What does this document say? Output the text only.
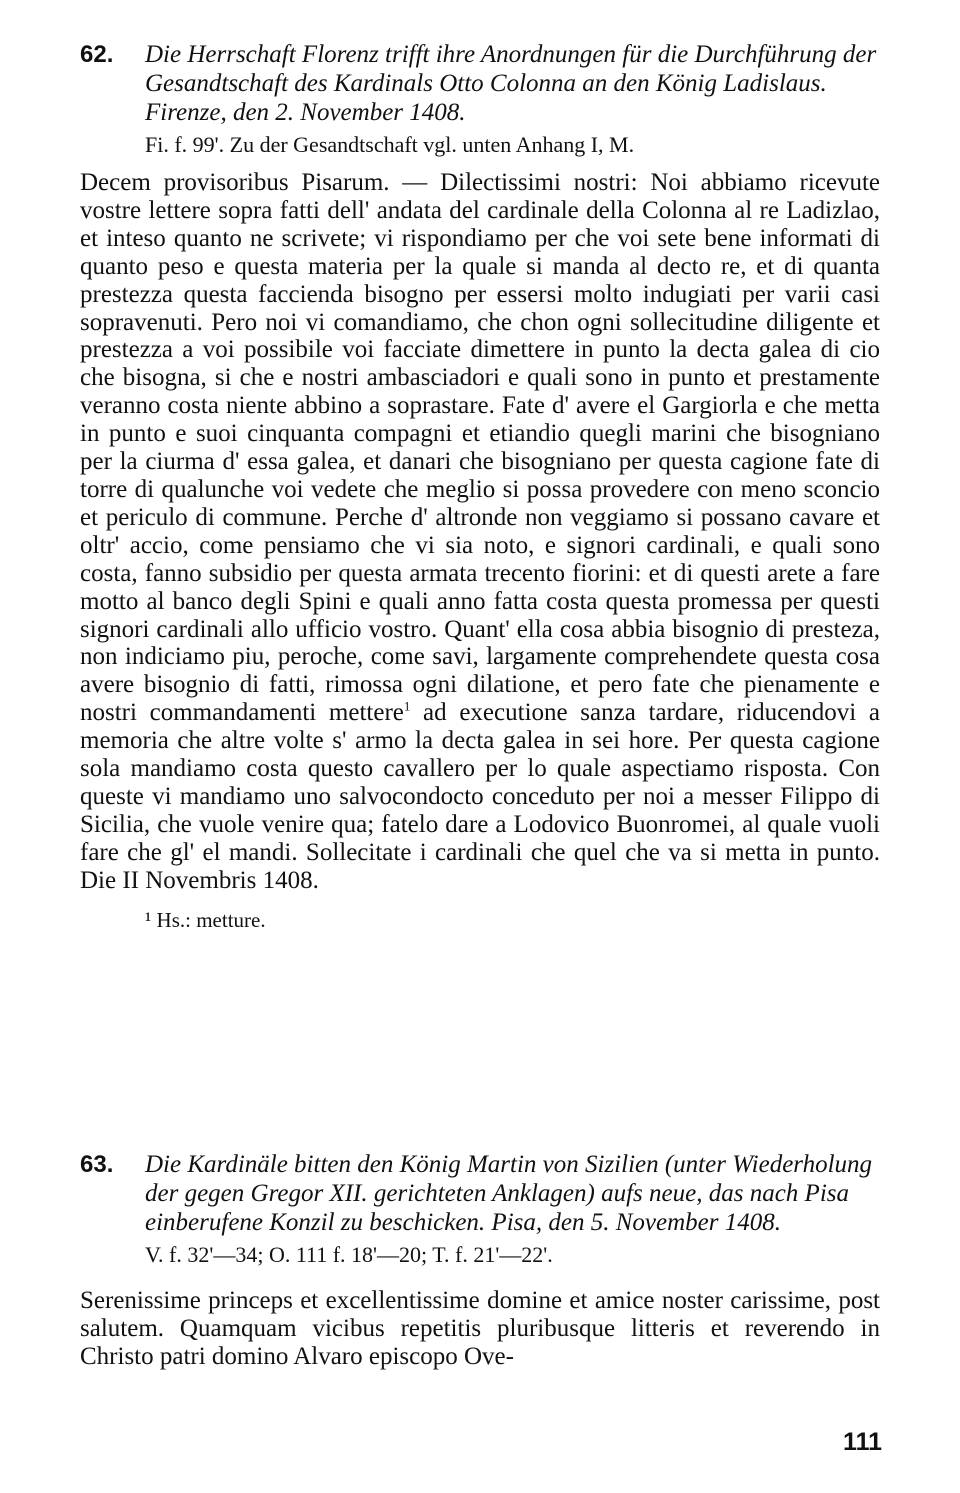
62. Die Herrschaft Florenz trifft ihre Anordnungen für die Durchführung der Gesandtschaft des Kardinals Otto Colonna an den König Ladislaus. Firenze, den 2. November 1408.

Fi. f. 99'. Zu der Gesandtschaft vgl. unten Anhang I, M.

Decem provisoribus Pisarum. — Dilectissimi nostri: Noi abbiamo ricevute vostre lettere sopra fatti dell' andata del cardinale della Colonna al re Ladizlao, et inteso quanto ne scrivete; vi rispondiamo per che voi sete bene informati di quanto peso e questa materia per la quale si manda al decto re, et di quanta prestezza questa faccienda bisogno per essersi molto indugiati per varii casi sopravenuti. Pero noi vi comandiamo, che chon ogni sollecitudine diligente et prestezza a voi possibile voi facciate dimettere in punto la decta galea di cio che bisogna, si che e nostri ambasciadori e quali sono in punto et prestamente veranno costa niente abbino a soprastare. Fate d' avere el Gargiorla e che metta in punto e suoi cinquanta compagni et etiandio quegli marini che bisogniano per la ciurma d' essa galea, et danari che bisogniano per questa cagione fate di torre di qualunche voi vedete che meglio si possa provedere con meno sconcio et periculo di commune. Perche d' altronde non veggiamo si possano cavare et oltr' accio, come pensiamo che vi sia noto, e signori cardinali, e quali sono costa, fanno subsidio per questa armata trecento fiorini: et di questi arete a fare motto al banco degli Spini e quali anno fatta costa questa promessa per questi signori cardinali allo ufficio vostro. Quant' ella cosa abbia bisognio di presteza, non indiciamo piu, peroche, come savi, largamente comprehendete questa cosa avere bisognio di fatti, rimossa ogni dilatione, et pero fate che pienamente e nostri commandamenti mettere$^1$ ad executione sanza tardare, riducendovi a memoria che altre volte s' armo la decta galea in sei hore. Per questa cagione sola mandiamo costa questo cavallero per lo quale aspectiamo risposta. Con queste vi mandiamo uno salvocondocto conceduto per noi a messer Filippo di Sicilia, che vuole venire qua; fatelo dare a Lodovico Buonromei, al quale vuoli fare che gl' el mandi. Sollecitate i cardinali che quel che va si metta in punto. Die II Novembris 1408.

¹ Hs.: metture.

63. Die Kardinäle bitten den König Martin von Sizilien (unter Wiederholung der gegen Gregor XII. gerichteten Anklagen) aufs neue, das nach Pisa einberufene Konzil zu beschicken. Pisa, den 5. November 1408.

V. f. 32'—34; O. 111 f. 18'—20; T. f. 21'—22'.

Serenissime princeps et excellentissime domine et amice noster carissime, post salutem. Quamquam vicibus repetitis pluribusque litteris et reverendo in Christo patri domino Alvaro episcopo Ove-

111
